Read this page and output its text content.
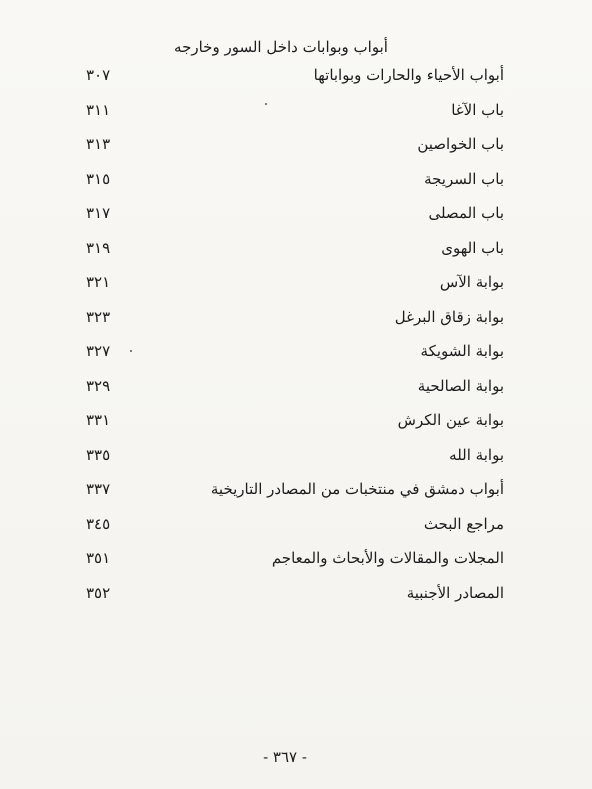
أبواب وبوابات داخل السور وخارجه
أبواب الأحياء والحارات وبواباتها
٣٠٧
باب الآغا
٣١١
باب الخواصين
٣١٣
باب السريجة
٣١٥
باب المصلى
٣١٧
باب الهوى
٣١٩
بوابة الآس
٣٢١
بوابة زقاق البرغل
٣٢٣
بوابة الشويكة
٣٢٧
بوابة الصالحية
٣٢٩
بوابة عين الكرش
٣٣١
بوابة الله
٣٣٥
أبواب دمشق في منتخبات من المصادر التاريخية
٣٣٧
مراجع البحث
٣٤٥
المجلات والمقالات والأبحاث والمعاجم
٣٥١
المصادر الأجنبية
٣٥٢
- ٣٦٧ -
